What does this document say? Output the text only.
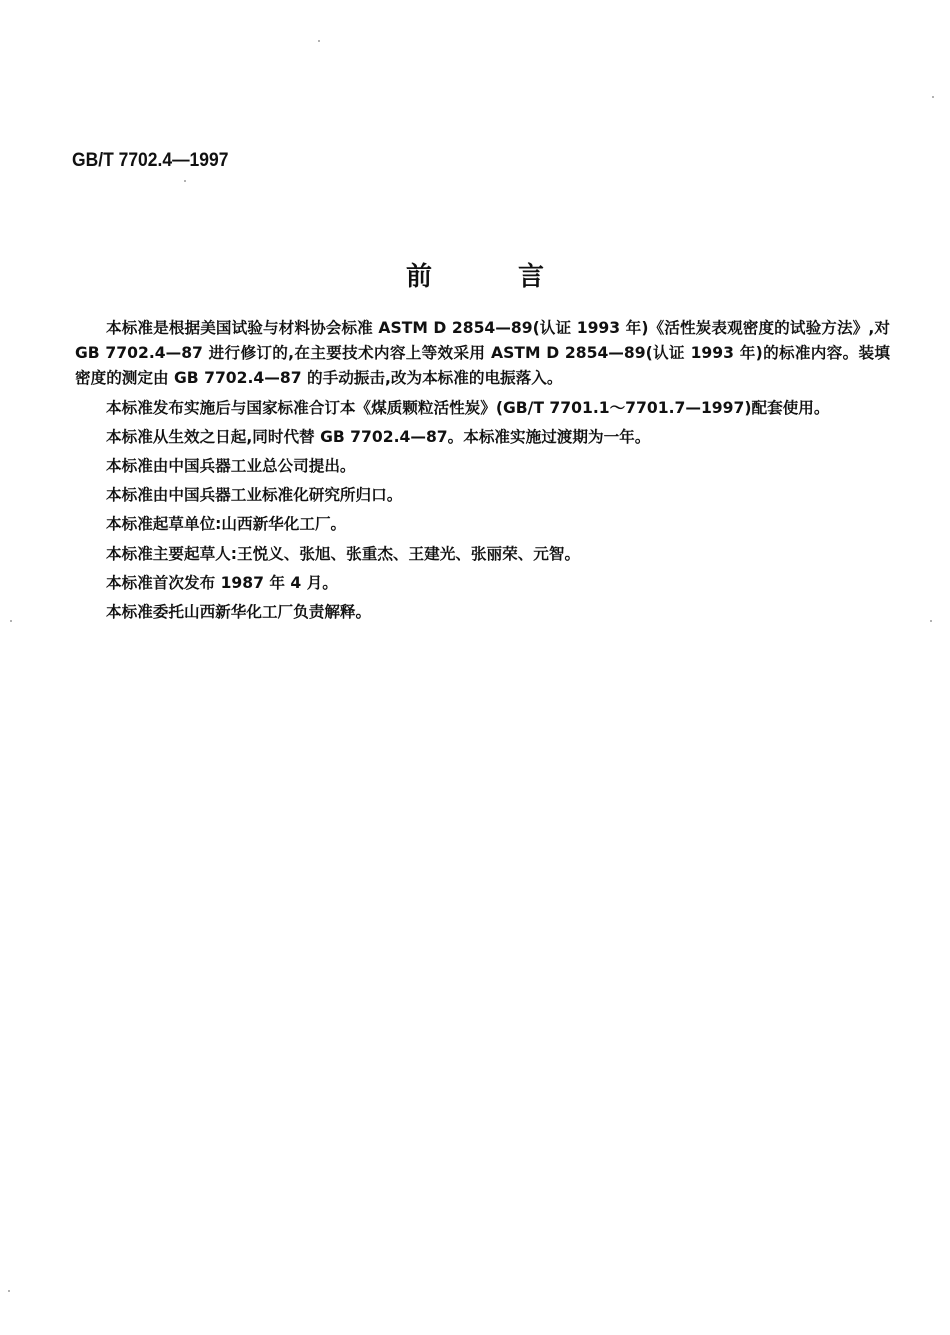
GB/T 7702.4—1997
前	言

本标准是根据美国试验与材料协会标准 ASTM D 2854—89(认证 1993 年)《活性炭表观密度的试验方法》,对 GB 7702.4—87 进行修订的,在主要技术内容上等效采用 ASTM D 2854—89(认证 1993 年)的标准内容。装填密度的测定由 GB 7702.4—87 的手动振击,改为本标准的电振落入。

本标准发布实施后与国家标准合订本《煤质颗粒活性炭》(GB/T 7701.1～7701.7—1997)配套使用。

本标准从生效之日起,同时代替 GB 7702.4—87。本标准实施过渡期为一年。

本标准由中国兵器工业总公司提出。

本标准由中国兵器工业标准化研究所归口。

本标准起草单位:山西新华化工厂。

本标准主要起草人:王悦义、张旭、张重杰、王建光、张丽荣、元智。

本标准首次发布 1987 年 4 月。

本标准委托山西新华化工厂负责解释。
